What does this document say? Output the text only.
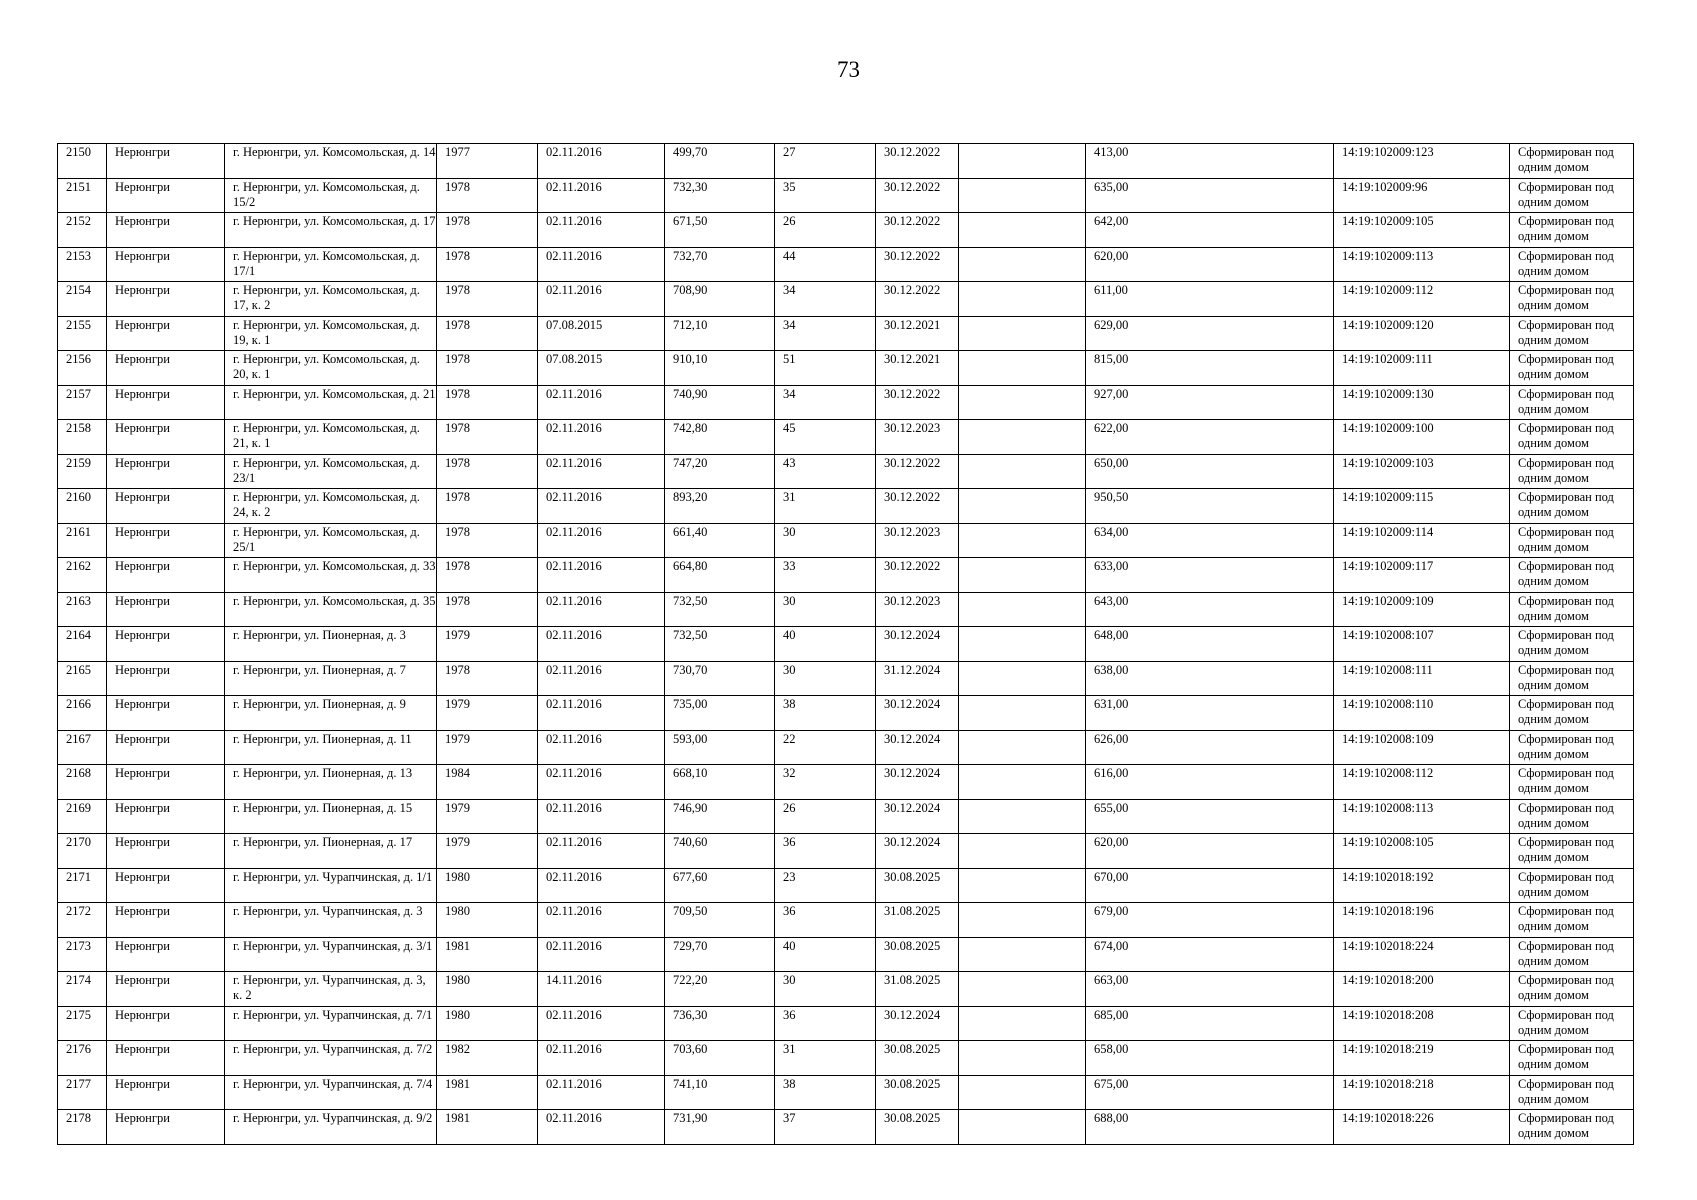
73
2150	Нерюнгри	г. Нерюнгри, ул. Комсомольская, д. 14	1977	02.11.2016	499,70	27	30.12.2022		413,00	14:19:102009:123	Сформирован под одним домом
2151	Нерюнгри	г. Нерюнгри, ул. Комсомольская, д. 15/2	1978	02.11.2016	732,30	35	30.12.2022		635,00	14:19:102009:96	Сформирован под одним домом
2152	Нерюнгри	г. Нерюнгри, ул. Комсомольская, д. 17	1978	02.11.2016	671,50	26	30.12.2022		642,00	14:19:102009:105	Сформирован под одним домом
2153	Нерюнгри	г. Нерюнгри, ул. Комсомольская, д. 17/1	1978	02.11.2016	732,70	44	30.12.2022		620,00	14:19:102009:113	Сформирован под одним домом
2154	Нерюнгри	г. Нерюнгри, ул. Комсомольская, д. 17, к. 2	1978	02.11.2016	708,90	34	30.12.2022		611,00	14:19:102009:112	Сформирован под одним домом
2155	Нерюнгри	г. Нерюнгри, ул. Комсомольская, д. 19, к. 1	1978	07.08.2015	712,10	34	30.12.2021		629,00	14:19:102009:120	Сформирован под одним домом
2156	Нерюнгри	г. Нерюнгри, ул. Комсомольская, д. 20, к. 1	1978	07.08.2015	910,10	51	30.12.2021		815,00	14:19:102009:111	Сформирован под одним домом
2157	Нерюнгри	г. Нерюнгри, ул. Комсомольская, д. 21	1978	02.11.2016	740,90	34	30.12.2022		927,00	14:19:102009:130	Сформирован под одним домом
2158	Нерюнгри	г. Нерюнгри, ул. Комсомольская, д. 21, к. 1	1978	02.11.2016	742,80	45	30.12.2023		622,00	14:19:102009:100	Сформирован под одним домом
2159	Нерюнгри	г. Нерюнгри, ул. Комсомольская, д. 23/1	1978	02.11.2016	747,20	43	30.12.2022		650,00	14:19:102009:103	Сформирован под одним домом
2160	Нерюнгри	г. Нерюнгри, ул. Комсомольская, д. 24, к. 2	1978	02.11.2016	893,20	31	30.12.2022		950,50	14:19:102009:115	Сформирован под одним домом
2161	Нерюнгри	г. Нерюнгри, ул. Комсомольская, д. 25/1	1978	02.11.2016	661,40	30	30.12.2023		634,00	14:19:102009:114	Сформирован под одним домом
2162	Нерюнгри	г. Нерюнгри, ул. Комсомольская, д. 33	1978	02.11.2016	664,80	33	30.12.2022		633,00	14:19:102009:117	Сформирован под одним домом
2163	Нерюнгри	г. Нерюнгри, ул. Комсомольская, д. 35	1978	02.11.2016	732,50	30	30.12.2023		643,00	14:19:102009:109	Сформирован под одним домом
2164	Нерюнгри	г. Нерюнгри, ул. Пионерная, д. 3	1979	02.11.2016	732,50	40	30.12.2024		648,00	14:19:102008:107	Сформирован под одним домом
2165	Нерюнгри	г. Нерюнгри, ул. Пионерная, д. 7	1978	02.11.2016	730,70	30	31.12.2024		638,00	14:19:102008:111	Сформирован под одним домом
2166	Нерюнгри	г. Нерюнгри, ул. Пионерная, д. 9	1979	02.11.2016	735,00	38	30.12.2024		631,00	14:19:102008:110	Сформирован под одним домом
2167	Нерюнгри	г. Нерюнгри, ул. Пионерная, д. 11	1979	02.11.2016	593,00	22	30.12.2024		626,00	14:19:102008:109	Сформирован под одним домом
2168	Нерюнгри	г. Нерюнгри, ул. Пионерная, д. 13	1984	02.11.2016	668,10	32	30.12.2024		616,00	14:19:102008:112	Сформирован под одним домом
2169	Нерюнгри	г. Нерюнгри, ул. Пионерная, д. 15	1979	02.11.2016	746,90	26	30.12.2024		655,00	14:19:102008:113	Сформирован под одним домом
2170	Нерюнгри	г. Нерюнгри, ул. Пионерная, д. 17	1979	02.11.2016	740,60	36	30.12.2024		620,00	14:19:102008:105	Сформирован под одним домом
2171	Нерюнгри	г. Нерюнгри, ул. Чурапчинская, д. 1/1	1980	02.11.2016	677,60	23	30.08.2025		670,00	14:19:102018:192	Сформирован под одним домом
2172	Нерюнгри	г. Нерюнгри, ул. Чурапчинская, д. 3	1980	02.11.2016	709,50	36	31.08.2025		679,00	14:19:102018:196	Сформирован под одним домом
2173	Нерюнгри	г. Нерюнгри, ул. Чурапчинская, д. 3/1	1981	02.11.2016	729,70	40	30.08.2025		674,00	14:19:102018:224	Сформирован под одним домом
2174	Нерюнгри	г. Нерюнгри, ул. Чурапчинская, д. 3, к. 2	1980	14.11.2016	722,20	30	31.08.2025		663,00	14:19:102018:200	Сформирован под одним домом
2175	Нерюнгри	г. Нерюнгри, ул. Чурапчинская, д. 7/1	1980	02.11.2016	736,30	36	30.12.2024		685,00	14:19:102018:208	Сформирован под одним домом
2176	Нерюнгри	г. Нерюнгри, ул. Чурапчинская, д. 7/2	1982	02.11.2016	703,60	31	30.08.2025		658,00	14:19:102018:219	Сформирован под одним домом
2177	Нерюнгри	г. Нерюнгри, ул. Чурапчинская, д. 7/4	1981	02.11.2016	741,10	38	30.08.2025		675,00	14:19:102018:218	Сформирован под одним домом
2178	Нерюнгри	г. Нерюнгри, ул. Чурапчинская, д. 9/2	1981	02.11.2016	731,90	37	30.08.2025		688,00	14:19:102018:226	Сформирован под одним домом
